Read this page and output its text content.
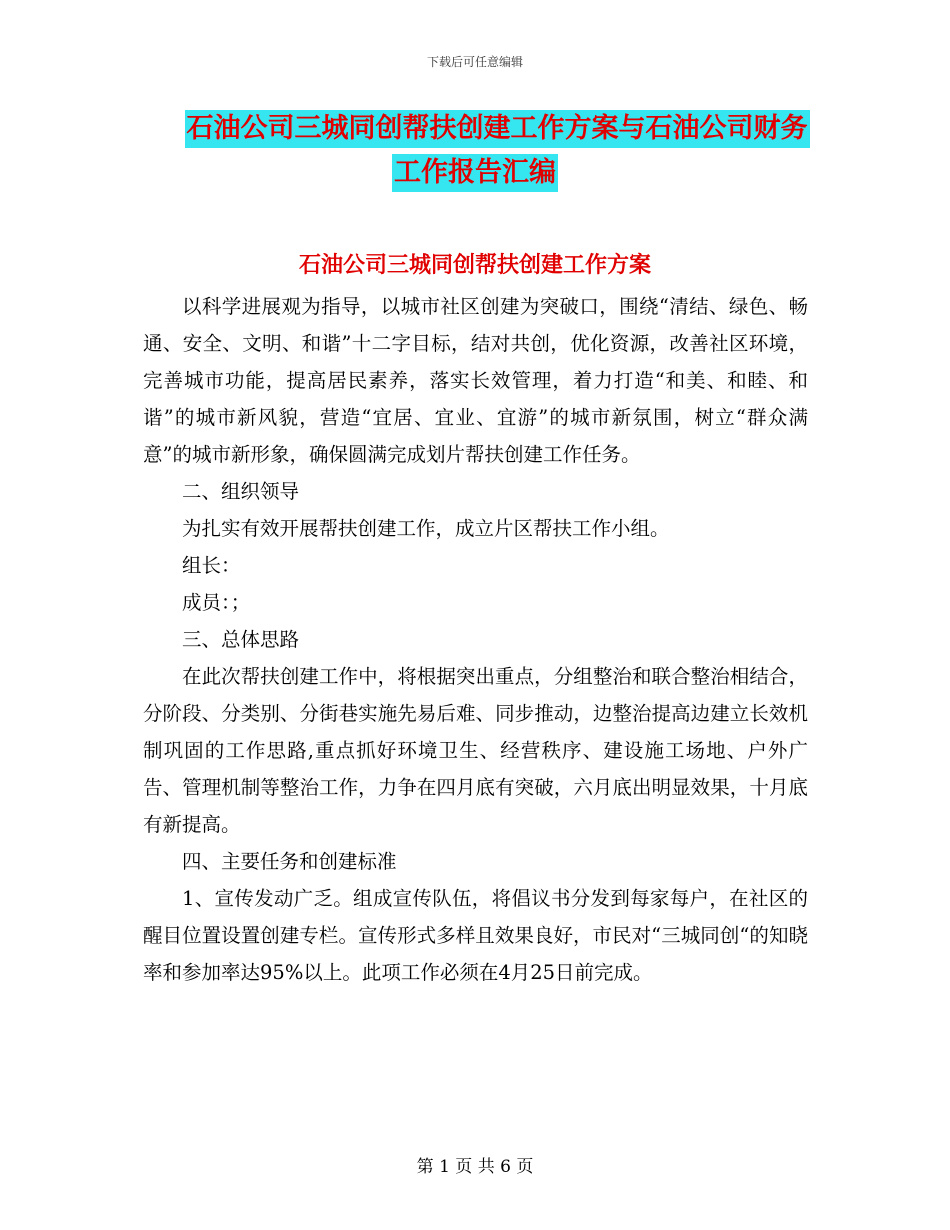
下载后可任意编辑
石油公司三城同创帮扶创建工作方案与石油公司财务
工作报告汇编
石油公司三城同创帮扶创建工作方案

以科学进展观为指导，以城市社区创建为突破口，围绕“清结、绿色、畅通、安全、文明、和谐”十二字目标，结对共创，优化资源，改善社区环境，完善城市功能，提高居民素养，落实长效管理，着力打造“和美、和睦、和谐”的城市新风貌，营造“宜居、宜业、宜游”的城市新氛围，树立“群众满意”的城市新形象，确保圆满完成划片帮扶创建工作任务。

二、组织领导

为扎实有效开展帮扶创建工作，成立片区帮扶工作小组。

组长：

成员：；

三、总体思路

在此次帮扶创建工作中，将根据突出重点，分组整治和联合整治相结合，分阶段、分类别、分街巷实施先易后难、同步推动，边整治提高边建立长效机制巩固的工作思路,重点抓好环境卫生、经营秩序、建设施工场地、户外广告、管理机制等整治工作，力争在四月底有突破，六月底出明显效果，十月底有新提高。

四、主要任务和创建标准

1、宣传发动广乏。组成宣传队伍，将倡议书分发到每家每户，在社区的醒目位置设置创建专栏。宣传形式多样且效果良好，市民对“三城同创“的知晓率和参加率达95%以上。此项工作必须在4月25日前完成。

第 1 页 共 6 页
